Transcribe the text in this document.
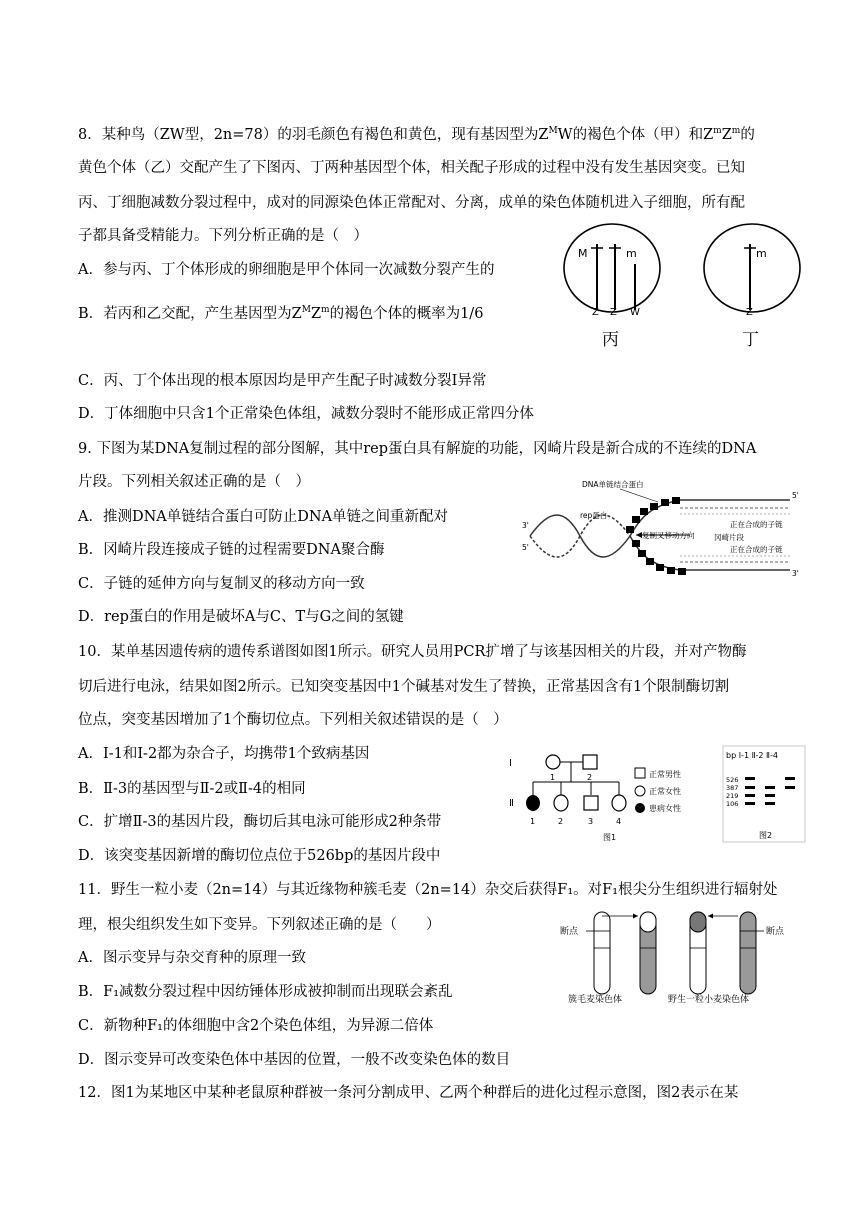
8．某种鸟（ZW型，2n=78）的羽毛颜色有褐色和黄色，现有基因型为$Z^MW$的褐色个体（甲）和$Z^mZ^m$的
黄色个体（乙）交配产生了下图丙、丁两种基因型个体，相关配子形成的过程中没有发生基因突变。已知
丙、丁细胞减数分裂过程中，成对的同源染色体正常配对、分离，成单的染色体随机进入子细胞，所有配
子都具备受精能力。下列分析正确的是（　）
A．参与丙、丁个体形成的卵细胞是甲个体同一次减数分裂产生的
B．若丙和乙交配，产生基因型为$Z^MZ^m$的褐色个体的概率为1/6
C．丙、丁个体出现的根本原因均是甲产生配子时减数分裂Ⅰ异常
D．丁体细胞中只含1个正常染色体组，减数分裂时不能形成正常四分体
M	m
Z Z W
丙
m
Z
丁
9. 下图为某DNA复制过程的部分图解，其中rep蛋白具有解旋的功能，冈崎片段是新合成的不连续的DNA
片段。下列相关叙述正确的是（　）
A．推测DNA单链结合蛋白可防止DNA单链之间重新配对
B．冈崎片段连接成子链的过程需要DNA聚合酶
C．子链的延伸方向与复制叉的移动方向一致
D．rep蛋白的作用是破坏A与C、T与G之间的氢键
DNA单链结合蛋白
rep蛋白
复制叉移动方向	冈崎片段
正在合成的子链
正在合成的子链
5'
3'
5'
3'
10．某单基因遗传病的遗传系谱图如图1所示。研究人员用PCR扩增了与该基因相关的片段，并对产物酶
切后进行电泳，结果如图2所示。已知突变基因中1个碱基对发生了替换，正常基因含有1个限制酶切割
位点，突变基因增加了1个酶切位点。下列相关叙述错误的是（　）
A．Ⅰ-1和Ⅰ-2都为杂合子，均携带1个致病基因
B．Ⅱ-3的基因型与Ⅱ-2或Ⅱ-4的相同
C．扩增Ⅱ-3的基因片段，酶切后其电泳可能形成2种条带
D．该突变基因新增的酶切位点位于526bp的基因片段中
Ⅰ
Ⅱ
1	2
1	2	3	4
正常男性
正常女性
患病女性
图1
bp Ⅰ-1 Ⅱ-2 Ⅱ-4
526
387
219
106
图2
11．野生一粒小麦（2n=14）与其近缘物种簇毛麦（2n=14）杂交后获得F₁。对F₁根尖分生组织进行辐射处
理，根尖组织发生如下变异。下列叙述正确的是（　　）
A．图示变异与杂交育种的原理一致
B．F₁减数分裂过程中因纺锤体形成被抑制而出现联会紊乱
C．新物种F₁的体细胞中含2个染色体组，为异源二倍体
D．图示变异可改变染色体中基因的位置，一般不改变染色体的数目
断点
簇毛麦染色体
断点
野生一粒小麦染色体
12．图1为某地区中某种老鼠原种群被一条河分割成甲、乙两个种群后的进化过程示意图，图2表示在某
